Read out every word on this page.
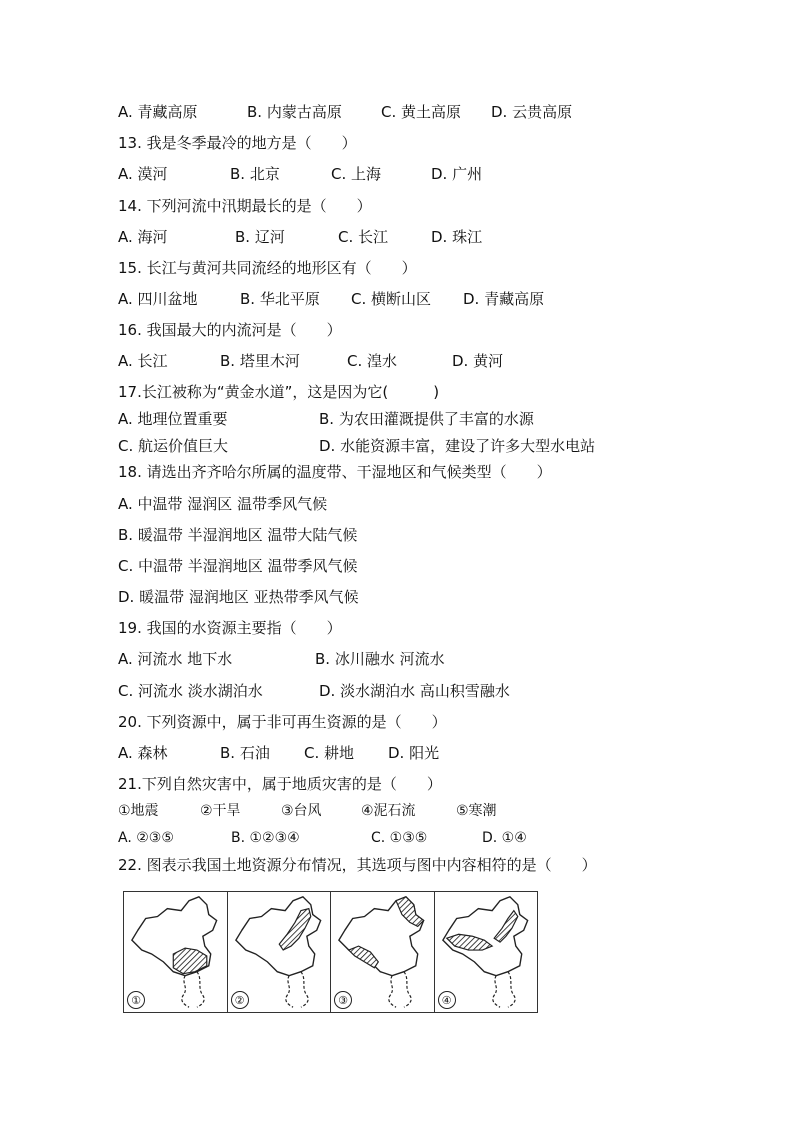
A. 青藏高原	B. 内蒙古高原	C. 黄土高原 D. 云贵高原
13. 我是冬季最冷的地方是（　　）
A. 漠河	B. 北京	C. 上海	D. 广州
14. 下列河流中汛期最长的是（　　）
A. 海河	B. 辽河	C. 长江	D. 珠江
15. 长江与黄河共同流经的地形区有（　　）
A. 四川盆地	B. 华北平原 C. 横断山区 D. 青藏高原
16. 我国最大的内流河是（　　）
A. 长江	B. 塔里木河	C. 湟水	D. 黄河
17.长江被称为“黄金水道”，这是因为它(　　　)
A. 地理位置重要	B. 为农田灌溉提供了丰富的水源
C. 航运价值巨大	D. 水能资源丰富，建设了许多大型水电站
18. 请选出齐齐哈尔所属的温度带、干湿地区和气候类型（　　）
A. 中温带 湿润区 温带季风气候
B. 暖温带 半湿润地区 温带大陆气候
C. 中温带 半湿润地区 温带季风气候
D. 暖温带 湿润地区 亚热带季风气候
19. 我国的水资源主要指（　　）
A. 河流水 地下水	B. 冰川融水 河流水
C. 河流水 淡水湖泊水	D. 淡水湖泊水 高山积雪融水
20. 下列资源中，属于非可再生资源的是（　　）
A. 森林	B. 石油 C. 耕地 D. 阳光
21.下列自然灾害中，属于地质灾害的是（　　）
①地震	②干旱	③台风	④泥石流	⑤寒潮
A. ②③⑤	B. ①②③④	C. ①③⑤	D. ①④
22. 图表示我国土地资源分布情况，其选项与图中内容相符的是（　　）
①	②	③	④
